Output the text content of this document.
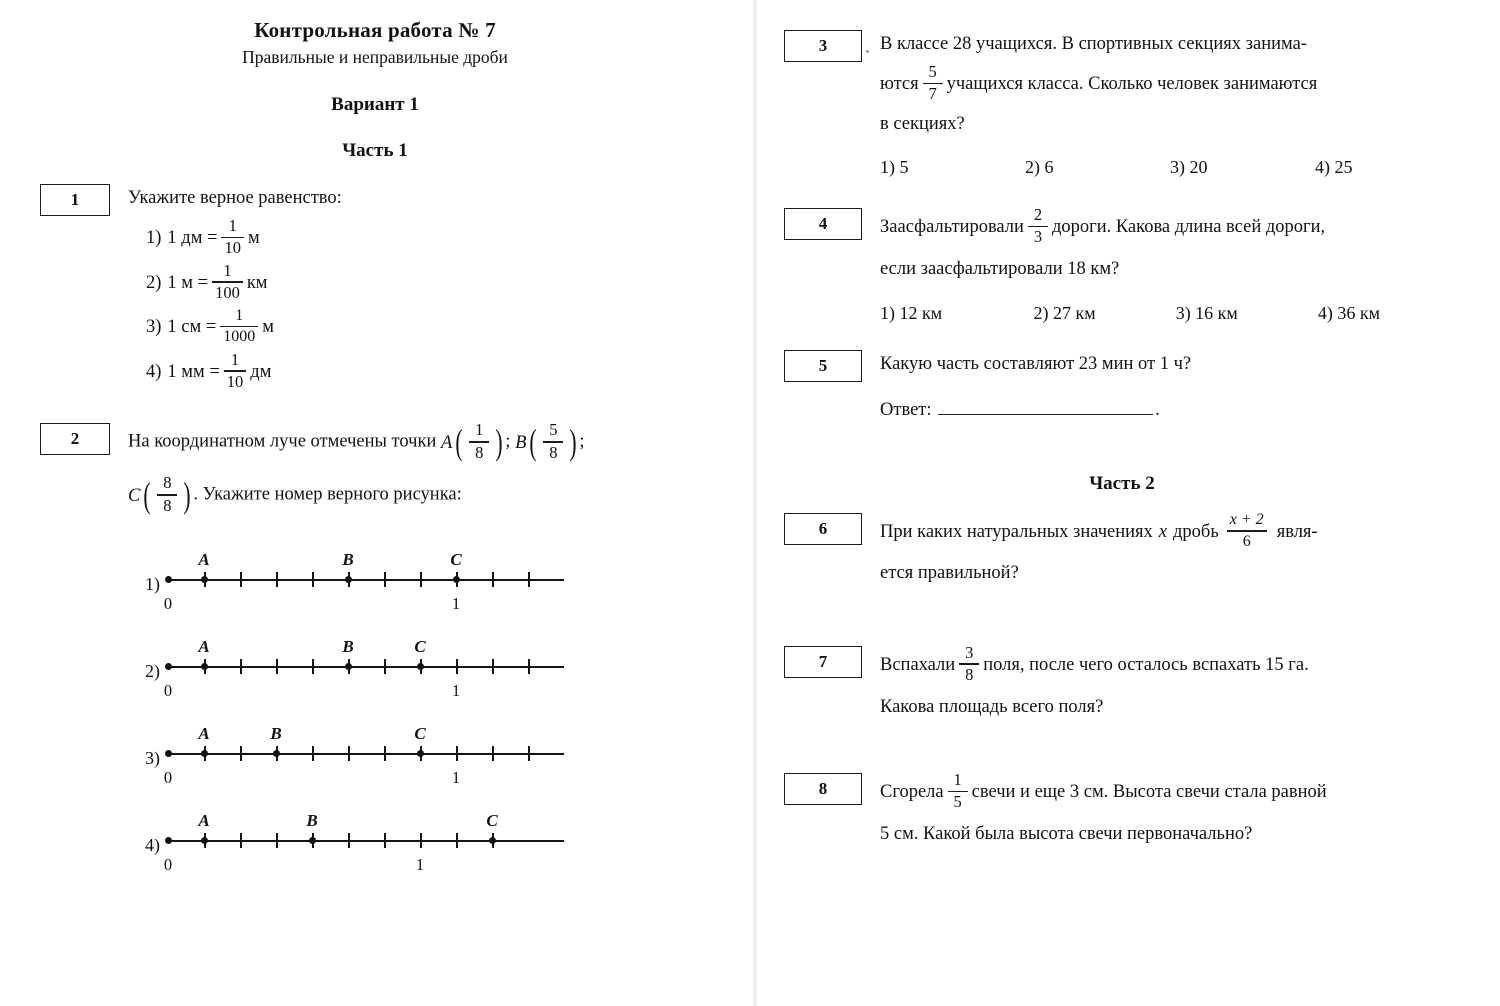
Контрольная работа № 7
Правильные и неправильные дроби
Вариант 1
Часть 1
1	Укажите верное равенство:
1) 1 дм = $\frac{1}{10}$ м
2) 1 $м = \frac{1}{100}$ км
3) 1 см = $\frac{1}{1000}$ м
4) 1 мм = $\frac{1}{10}$ дм
2	На координатном луче отмечены точки A ( $\frac{1}{8}$ ) ; B ( $\frac{5}{8}$ ) ;
C ( $\frac{8}{8}$ ) . Укажите номер верного рисунка:
1)
A	B	C
0	1
2)
A	B	C
0	1
3)
A	B	C
0	1
4)
A	B	C
0	1
3	В классе 28 учащихся. В спортивных секциях занима-
ются $\frac{5}{7}$ учащихся класса. Сколько человек занимаются
в секциях?
1) 5	2) 6	3) 20	4) 25
4	Заасфальтировали $\frac{2}{3}$ дороги. Какова длина всей дороги,
если заасфальтировали 18 км?
1) 12 км	2) 27 км	3) 16 км	4) 36 км
5	Какую часть составляют 23 мин от 1 ч?
Ответ:	.
Часть 2
6	При каких натуральных значениях x дробь $\frac{x + 2}{6}$ явля-
ется правильной?
7	Вспахали $\frac{3}{8}$ поля, после чего осталось вспахать 15 га.
Какова площадь всего поля?
8	Сгорела $\frac{1}{5}$ свечи и еще 3 см. Высота свечи стала равной
5 см. Какой была высота свечи первоначально?
